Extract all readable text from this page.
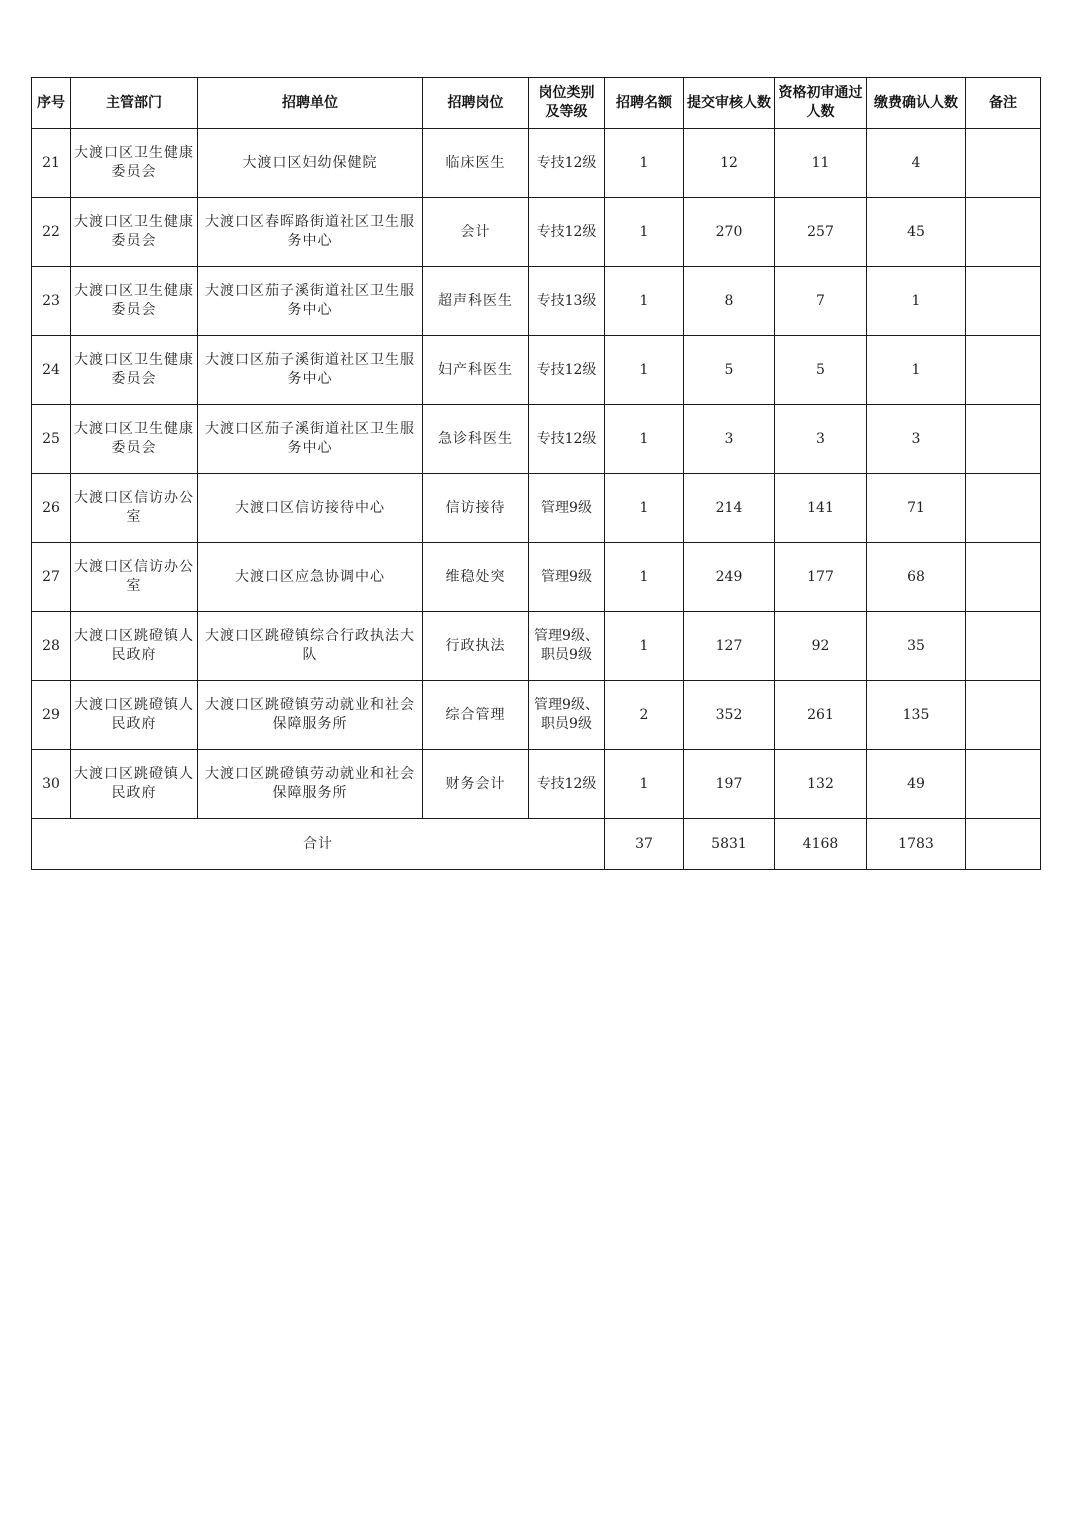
序号	主管部门	招聘单位	招聘岗位	岗位类别及等级	招聘名额	提交审核人数	资格初审通过人数	缴费确认人数	备注
21	大渡口区卫生健康委员会	大渡口区妇幼保健院	临床医生	专技12级	1	12	11	4	
22	大渡口区卫生健康委员会	大渡口区春晖路街道社区卫生服务中心	会计	专技12级	1	270	257	45	
23	大渡口区卫生健康委员会	大渡口区茄子溪街道社区卫生服务中心	超声科医生	专技13级	1	8	7	1	
24	大渡口区卫生健康委员会	大渡口区茄子溪街道社区卫生服务中心	妇产科医生	专技12级	1	5	5	1	
25	大渡口区卫生健康委员会	大渡口区茄子溪街道社区卫生服务中心	急诊科医生	专技12级	1	3	3	3	
26	大渡口区信访办公室	大渡口区信访接待中心	信访接待	管理9级	1	214	141	71	
27	大渡口区信访办公室	大渡口区应急协调中心	维稳处突	管理9级	1	249	177	68	
28	大渡口区跳磴镇人民政府	大渡口区跳磴镇综合行政执法大队	行政执法	管理9级、职员9级	1	127	92	35	
29	大渡口区跳磴镇人民政府	大渡口区跳磴镇劳动就业和社会保障服务所	综合管理	管理9级、职员9级	2	352	261	135	
30	大渡口区跳磴镇人民政府	大渡口区跳磴镇劳动就业和社会保障服务所	财务会计	专技12级	1	197	132	49	
合计					37	5831	4168	1783	
